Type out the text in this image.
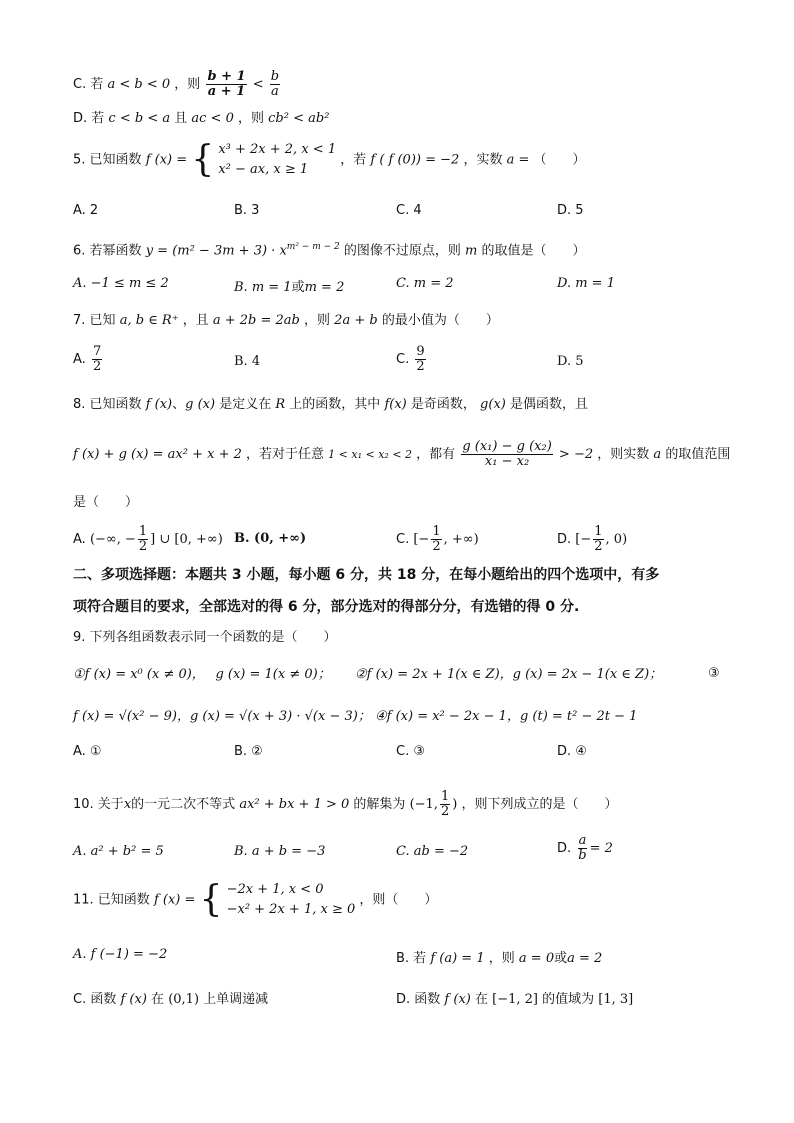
C. 若 a < b < 0 ，则 $\frac{b + 1}{a + 1} < \frac{b}{a}$
D. 若 c < b < a 且 ac < 0 ，则 cb² < ab²
5. 已知函数 f (x) = { x³ + 2x + 2, x < 1
x² − ax, x ≥ 1
，若 f ( f (0)) = −2 ，实数 a = （　　）
A. 2	B. 3	C. 4	D. 5
6. 若幂函数 $y = (m^2 - 3m + 3) \cdot x^{m^2 - m - 2}$ 的图像不过原点，则 m 的取值是（　　）
A. −1 ≤ m ≤ 2	B. m = 1或m = 2	C. m = 2	D. m = 1
7. 已知 a, b ∈ R⁺ ，且 a + 2b = 2ab ，则 2a + b 的最小值为（　　）
A. $\frac{7}{2}$	B. 4	C. $\frac{9}{2}$	D. 5
8. 已知函数 f (x)、g (x) 是定义在 R 上的函数，其中 f(x) 是奇函数， g(x) 是偶函数，且
f (x) + g (x) = ax² + x + 2 ，若对于任意 1 < x₁ < x₂ < 2 ，都有 $\frac{\text{g (x₁) − g (x₂)}}{\text{x₁ − x₂}} > -2$ ，则实数 a 的取值范围
是（　　）
A. (−∞, − $\frac{1}{2}$ ] ∪ [0, +∞) B. (0, +∞)	C. [− $\frac{1}{2}$ , +∞)	D. [− $\frac{1}{2}$ , 0)
二、多项选择题：本题共 3 小题，每小题 6 分，共 18 分，在每小题给出的四个选项中，有多
项符合题目的要求，全部选对的得 6 分，部分选对的得部分分，有选错的得 0 分.
9. 下列各组函数表示同一个函数的是（　　）
①f (x) = x⁰ (x ≠ 0)，　 g (x) = 1(x ≠ 0)； ②f (x) = 2x + 1(x ∈ Z)，g (x) = 2x − 1(x ∈ Z)；	③
f (x) = √(x² − 9)，g (x) = √(x + 3) · √(x − 3)； ④f (x) = x² − 2x − 1，g (t) = t² − 2t − 1
A. ①	B. ②	C. ③	D. ④
10. 关于x的一元二次不等式 ax² + bx + 1 > 0 的解集为 (−1, $\frac{1}{2}$ ) ，则下列成立的是（　　）
A. a² + b² = 5	B. a + b = −3	C. ab = −2	D. $\frac{a}{b} = 2$
11. 已知函数 f (x) = { −2x + 1, x < 0
−x² + 2x + 1, x ≥ 0
，则（　　）
A. f (−1) = −2	B. 若 f (a) = 1 ，则 a = 0或a = 2
C. 函数 f (x) 在 (0,1) 上单调递减	D. 函数 f (x) 在 [−1, 2] 的值域为 [1, 3]
